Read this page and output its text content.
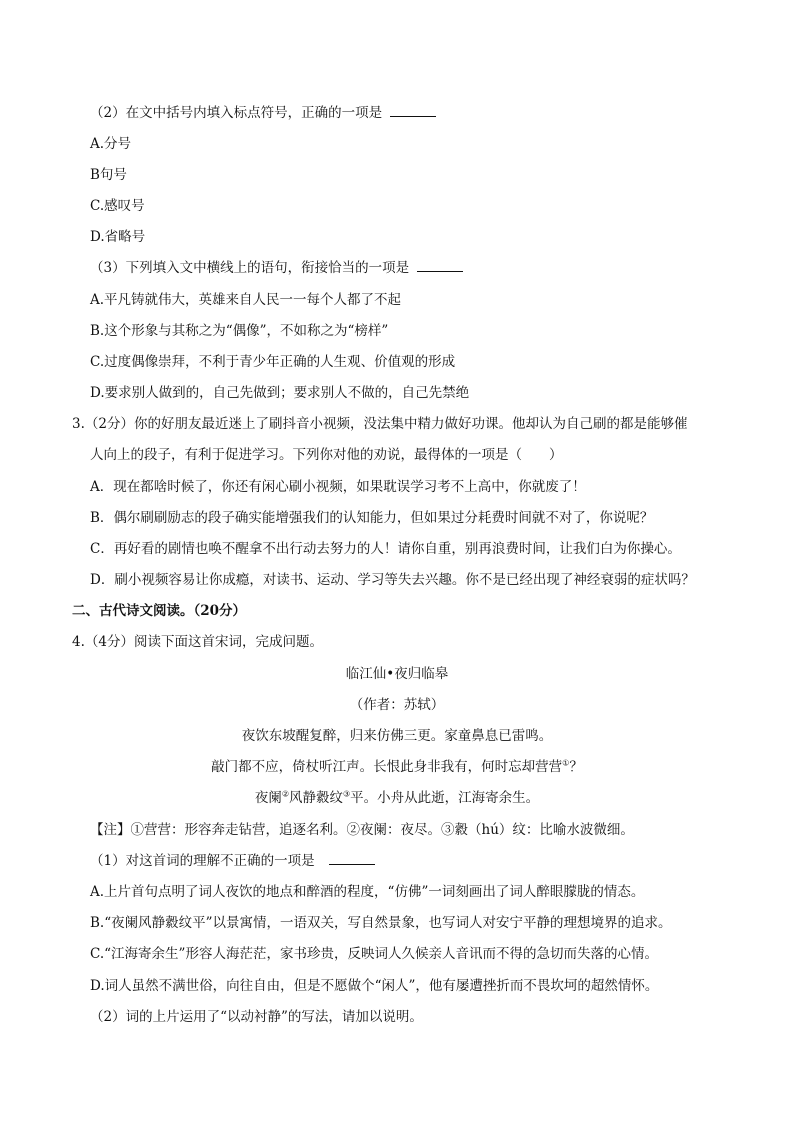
（2）在文中括号内填入标点符号，正确的一项是
A.分号
B句号
C.感叹号
D.省略号
（3）下列填入文中横线上的语句，衔接恰当的一项是
A.平凡铸就伟大，英雄来自人民一一每个人都了不起
B.这个形象与其称之为“偶像”，不如称之为“榜样”
C.过度偶像崇拜，不利于青少年正确的人生观、价值观的形成
D.要求别人做到的，自己先做到；要求别人不做的，自己先禁绝
3.（2分）你的好朋友最近迷上了刷抖音小视频，没法集中精力做好功课。他却认为自己刷的都是能够催
人向上的段子，有利于促进学习。下列你对他的劝说，最得体的一项是（　　）
A．现在都啥时候了，你还有闲心刷小视频，如果耽误学习考不上高中，你就废了！
B．偶尔刷刷励志的段子确实能增强我们的认知能力，但如果过分耗费时间就不对了，你说呢？
C．再好看的剧情也唤不醒拿不出行动去努力的人！请你自重，别再浪费时间，让我们白为你操心。
D．刷小视频容易让你成瘾，对读书、运动、学习等失去兴趣。你不是已经出现了神经衰弱的症状吗？
二、古代诗文阅读。（20分）
4.（4分）阅读下面这首宋词，完成问题。
临江仙•夜归临皋
（作者：苏轼）
夜饮东坡醒复醉，归来仿佛三更。家童鼻息已雷鸣。
敲门都不应，倚杖听江声。长恨此身非我有，何时忘却营营①？
夜阑②风静縠纹③平。小舟从此逝，江海寄余生。
【注】①营营：形容奔走钻营，追逐名利。②夜阑：夜尽。③縠（hú）纹：比喻水波微细。
（1）对这首词的理解不正确的一项是
A.上片首句点明了词人夜饮的地点和醉酒的程度，“仿佛”一词刻画出了词人醉眼朦胧的情态。
B.“夜阑风静縠纹平”以景寓情，一语双关，写自然景象，也写词人对安宁平静的理想境界的追求。
C.“江海寄余生”形容人海茫茫，家书珍贵，反映词人久候亲人音讯而不得的急切而失落的心情。
D.词人虽然不满世俗，向往自由，但是不愿做个“闲人”，他有屡遭挫折而不畏坎坷的超然情怀。
（2）词的上片运用了“以动衬静”的写法，请加以说明。
